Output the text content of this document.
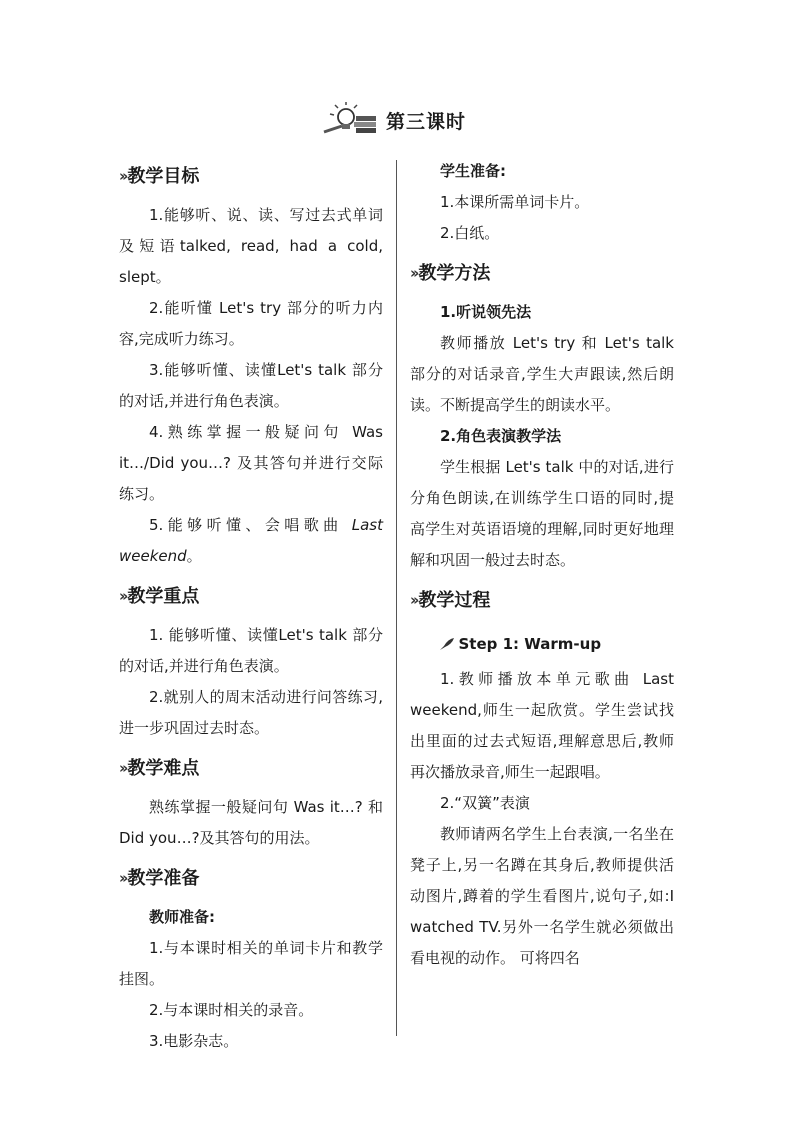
第三课时
›› 教学目标

1.能够听、说、读、写过去式单词及短语talked, read, had a cold, slept。

2.能听懂 Let's try 部分的听力内容,完成听力练习。

3.能够听懂、读懂Let's talk 部分的对话,并进行角色表演。

4.熟练掌握一般疑问句 Was it…/Did you…? 及其答句并进行交际练习。

5.能够听懂、会唱歌曲 Last weekend。

›› 教学重点

1. 能够听懂、读懂Let's talk 部分的对话,并进行角色表演。

2.就别人的周末活动进行问答练习,进一步巩固过去时态。

›› 教学难点

熟练掌握一般疑问句 Was it…? 和 Did you…?及其答句的用法。

›› 教学准备
教师准备:

1.与本课时相关的单词卡片和教学挂图。

2.与本课时相关的录音。

3.电影杂志。

学生准备:

1.本课所需单词卡片。

2.白纸。

›› 教学方法
1.听说领先法

教师播放 Let's try 和 Let's talk 部分的对话录音,学生大声跟读,然后朗读。不断提高学生的朗读水平。

2.角色表演教学法

学生根据 Let's talk 中的对话,进行分角色朗读,在训练学生口语的同时,提高学生对英语语境的理解,同时更好地理解和巩固一般过去时态。

›› 教学过程
Step 1: Warm-up

1.教师播放本单元歌曲 Last weekend,师生一起欣赏。学生尝试找出里面的过去式短语,理解意思后,教师再次播放录音,师生一起跟唱。

2.“双簧”表演

教师请两名学生上台表演,一名坐在凳子上,另一名蹲在其身后,教师提供活动图片,蹲着的学生看图片,说句子,如:I watched TV.另外一名学生就必须做出看电视的动作。 可将四名
